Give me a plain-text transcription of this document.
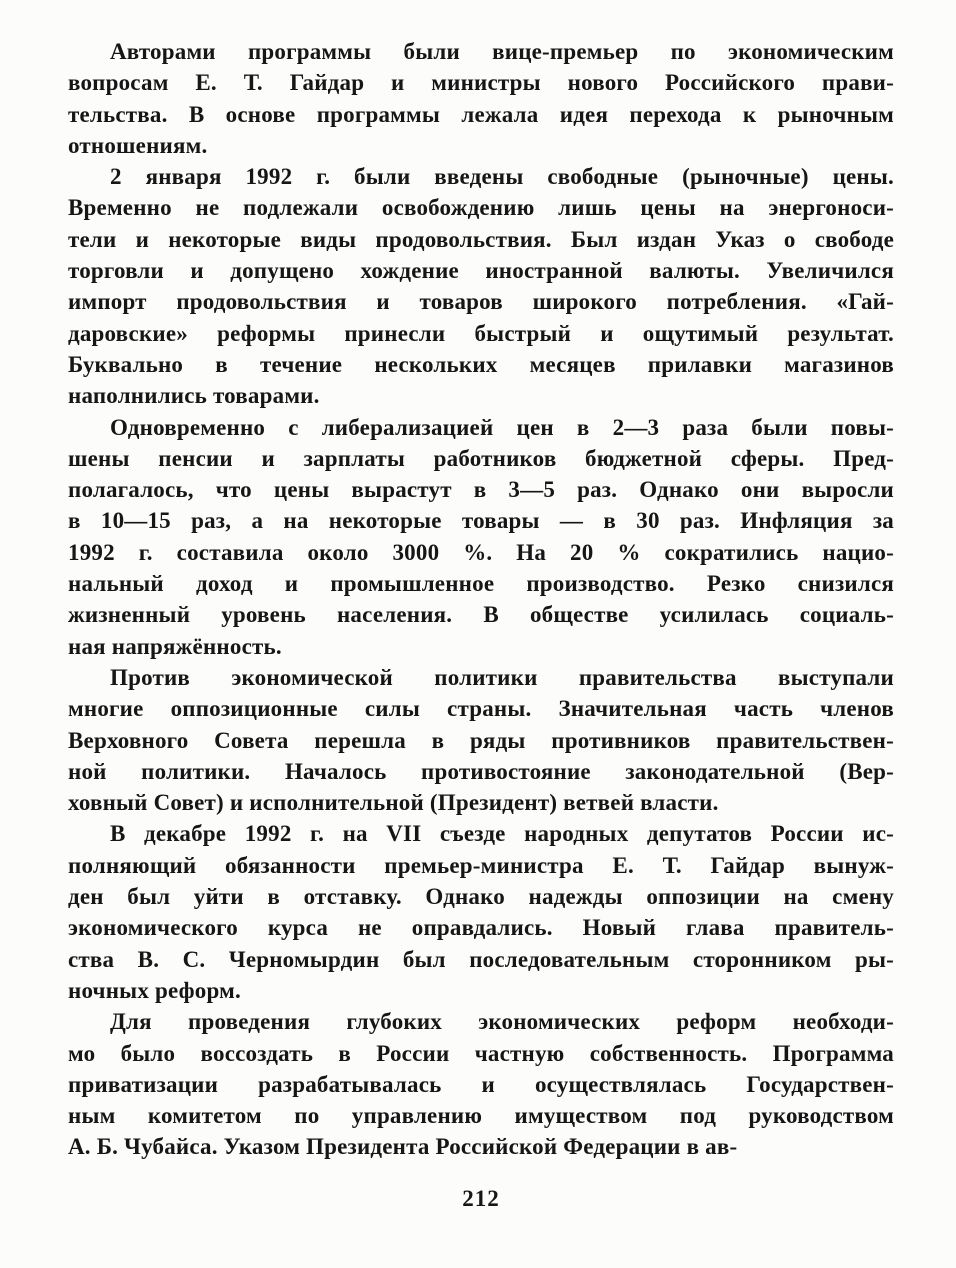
Авторами программы были вице-премьер по экономическим
вопросам Е. Т. Гайдар и министры нового Российского прави-
тельства. В основе программы лежала идея перехода к рыночным
отношениям.

2 января 1992 г. были введены свободные (рыночные) цены.
Временно не подлежали освобождению лишь цены на энергоноси-
тели и некоторые виды продовольствия. Был издан Указ о свободе
торговли и допущено хождение иностранной валюты. Увеличился
импорт продовольствия и товаров широкого потребления. «Гай-
даровские» реформы принесли быстрый и ощутимый результат.
Буквально в течение нескольких месяцев прилавки магазинов
наполнились товарами.

Одновременно с либерализацией цен в 2—3 раза были повы-
шены пенсии и зарплаты работников бюджетной сферы. Пред-
полагалось, что цены вырастут в 3—5 раз. Однако они выросли
в 10—15 раз, а на некоторые товары — в 30 раз. Инфляция за
1992 г. составила около 3000 %. На 20 % сократились нацио-
нальный доход и промышленное производство. Резко снизился
жизненный уровень населения. В обществе усилилась социаль-
ная напряжённость.

Против экономической политики правительства выступали
многие оппозиционные силы страны. Значительная часть членов
Верховного Совета перешла в ряды противников правительствен-
ной политики. Началось противостояние законодательной (Вер-
ховный Совет) и исполнительной (Президент) ветвей власти.

В декабре 1992 г. на VII съезде народных депутатов России ис-
полняющий обязанности премьер-министра Е. Т. Гайдар вынуж-
ден был уйти в отставку. Однако надежды оппозиции на смену
экономического курса не оправдались. Новый глава правитель-
ства В. С. Черномырдин был последовательным сторонником ры-
ночных реформ.

Для проведения глубоких экономических реформ необходи-
мо было воссоздать в России частную собственность. Программа
приватизации разрабатывалась и осуществлялась Государствен-
ным комитетом по управлению имуществом под руководством
А. Б. Чубайса. Указом Президента Российской Федерации в ав-

212
